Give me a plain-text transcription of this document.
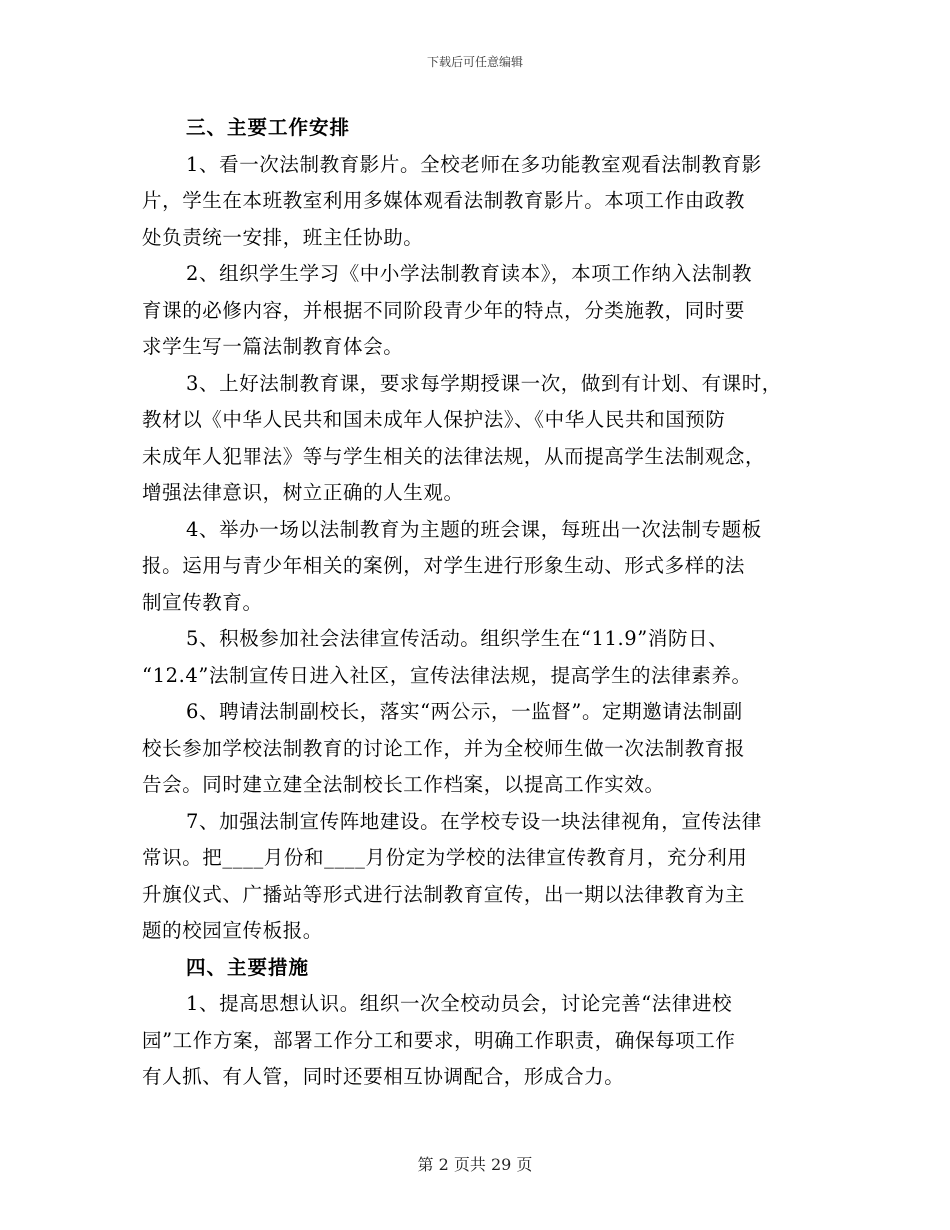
下载后可任意编辑
三、主要工作安排
1、看一次法制教育影片。全校老师在多功能教室观看法制教育影
片，学生在本班教室利用多媒体观看法制教育影片。本项工作由政教
处负责统一安排，班主任协助。
2、组织学生学习《中小学法制教育读本》，本项工作纳入法制教
育课的必修内容，并根据不同阶段青少年的特点，分类施教，同时要
求学生写一篇法制教育体会。
3、上好法制教育课，要求每学期授课一次，做到有计划、有课时，
教材以《中华人民共和国未成年人保护法》、《中华人民共和国预防
未成年人犯罪法》等与学生相关的法律法规，从而提高学生法制观念，
增强法律意识，树立正确的人生观。
4、举办一场以法制教育为主题的班会课，每班出一次法制专题板
报。运用与青少年相关的案例，对学生进行形象生动、形式多样的法
制宣传教育。
5、积极参加社会法律宣传活动。组织学生在“11.9”消防日、
“12.4”法制宣传日进入社区，宣传法律法规，提高学生的法律素养。
6、聘请法制副校长，落实“两公示，一监督”。定期邀请法制副
校长参加学校法制教育的讨论工作，并为全校师生做一次法制教育报
告会。同时建立建全法制校长工作档案，以提高工作实效。
7、加强法制宣传阵地建设。在学校专设一块法律视角，宣传法律
常识。把____月份和____月份定为学校的法律宣传教育月，充分利用
升旗仪式、广播站等形式进行法制教育宣传，出一期以法律教育为主
题的校园宣传板报。
四、主要措施
1、提高思想认识。组织一次全校动员会，讨论完善“法律进校
园”工作方案，部署工作分工和要求，明确工作职责，确保每项工作
有人抓、有人管，同时还要相互协调配合，形成合力。
第 2 页共 29 页
